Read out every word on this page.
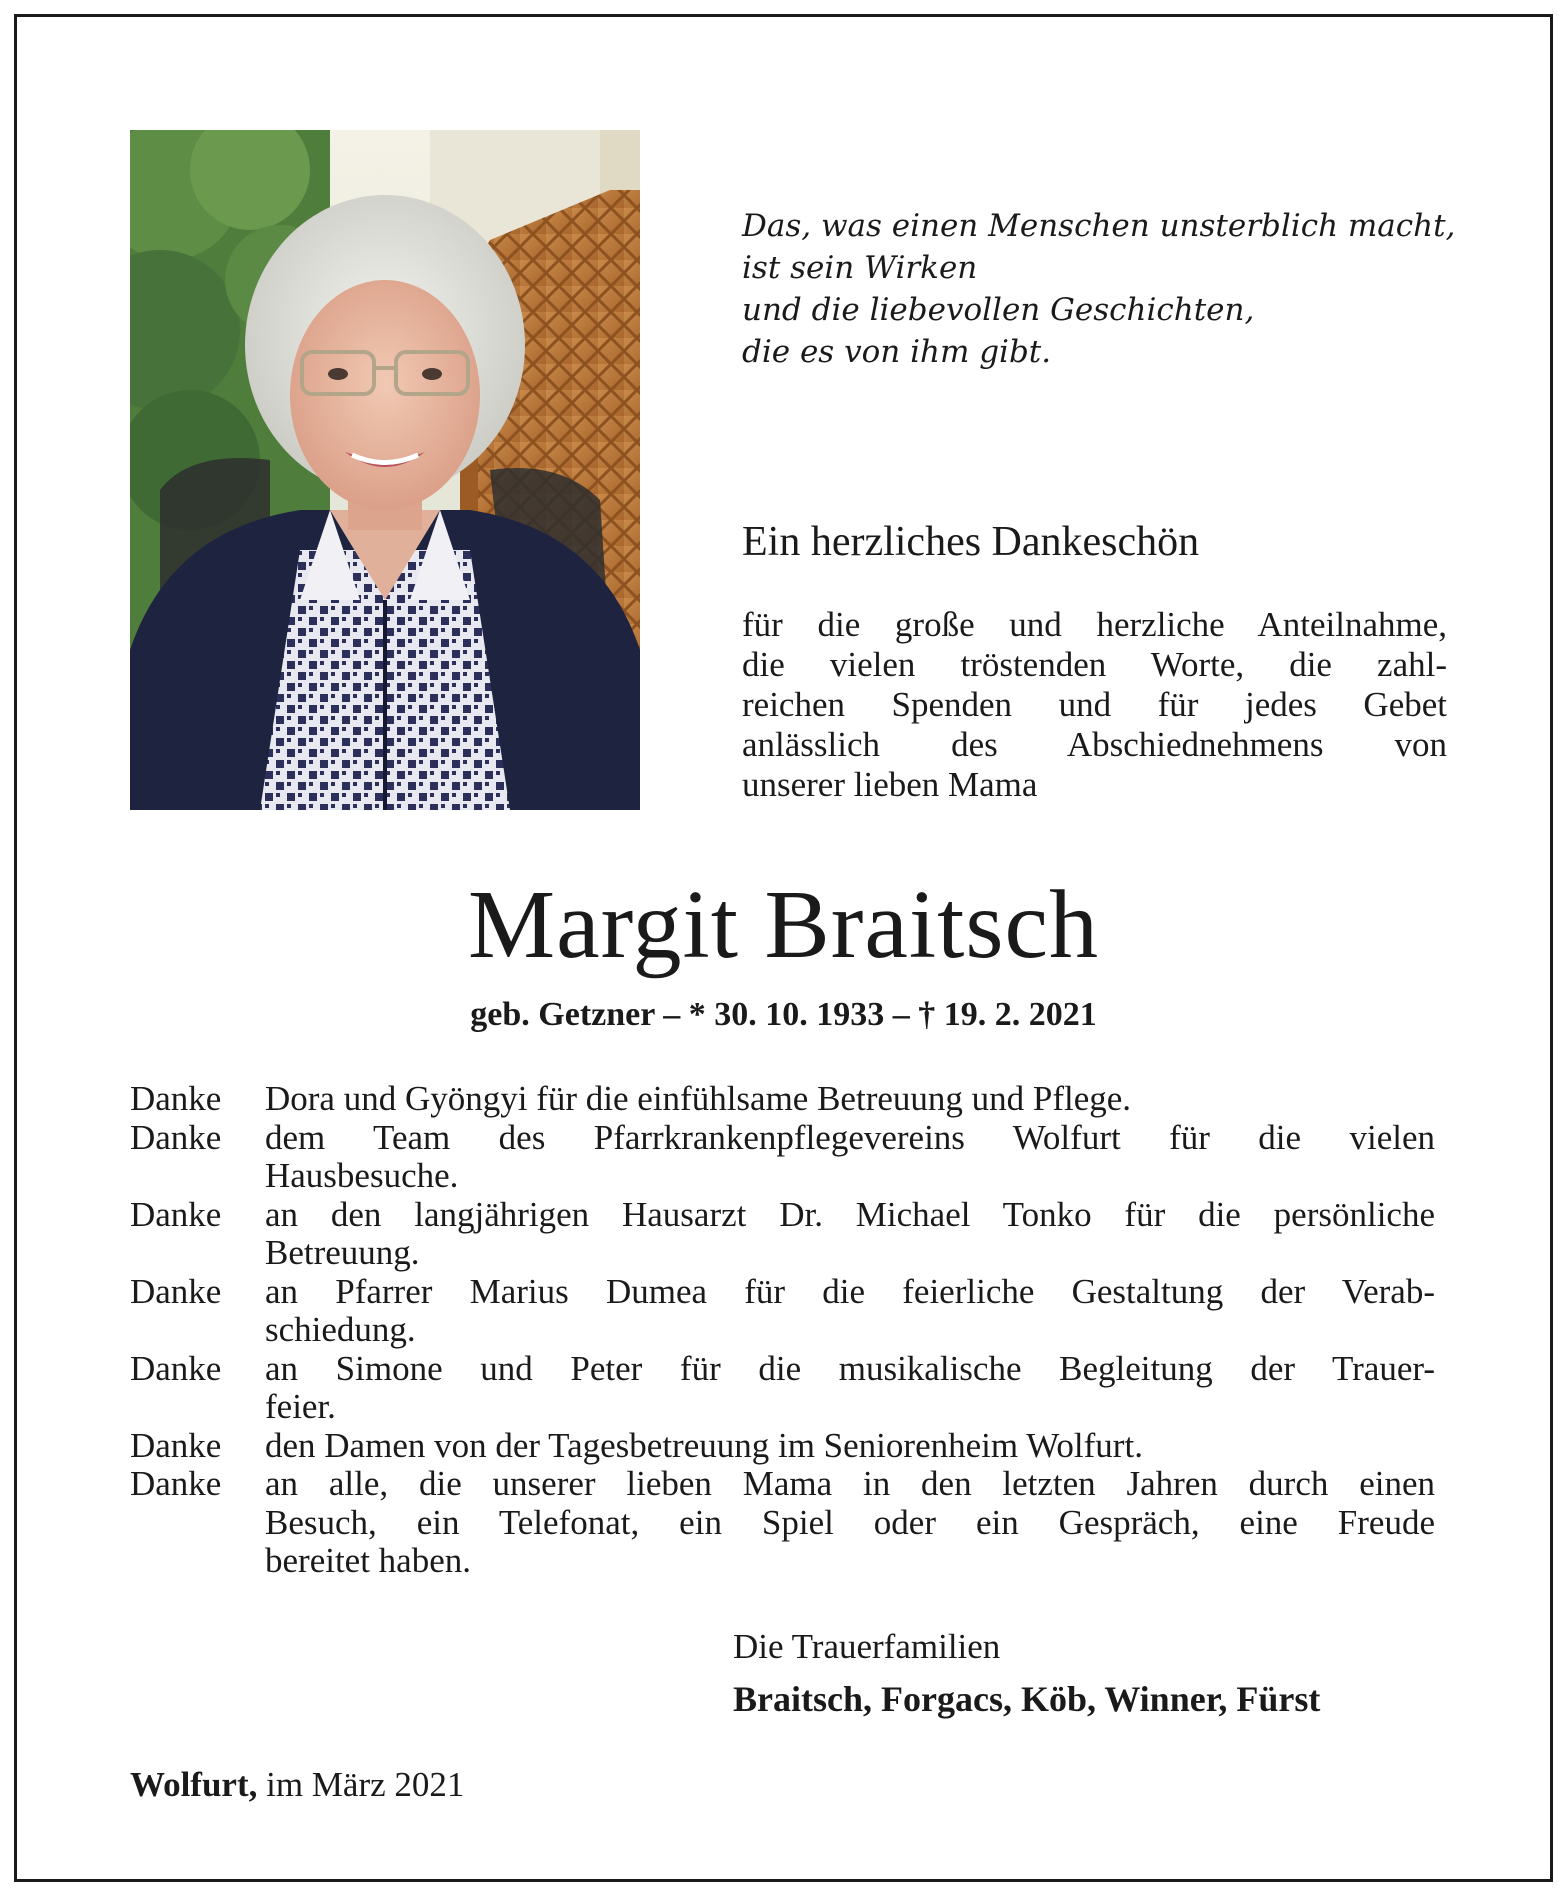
Das, was einen Menschen unsterblich macht,
ist sein Wirken
und die liebevollen Geschichten,
die es von ihm gibt.
Ein herzliches Dankeschön
für die große und herzliche Anteilnahme,
die vielen tröstenden Worte, die zahl-
reichen Spenden und für jedes Gebet
anlässlich des Abschiednehmens von
unserer lieben Mama
Margit Braitsch
geb. Getzner – * 30. 10. 1933 – † 19. 2. 2021
Danke	Dora und Gyöngyi für die einfühlsame Betreuung und Pflege.
Danke	dem Team des Pfarrkrankenpflegevereins Wolfurt für die vielen
Hausbesuche.
Danke	an den langjährigen Hausarzt Dr. Michael Tonko für die persönliche
Betreuung.
Danke	an Pfarrer Marius Dumea für die feierliche Gestaltung der Verab-
schiedung.
Danke	an Simone und Peter für die musikalische Begleitung der Trauer-
feier.
Danke	den Damen von der Tagesbetreuung im Seniorenheim Wolfurt.
Danke	an alle, die unserer lieben Mama in den letzten Jahren durch einen
Besuch, ein Telefonat, ein Spiel oder ein Gespräch, eine Freude
bereitet haben.
Die Trauerfamilien
Braitsch, Forgacs, Köb, Winner, Fürst
Wolfurt, im März 2021
